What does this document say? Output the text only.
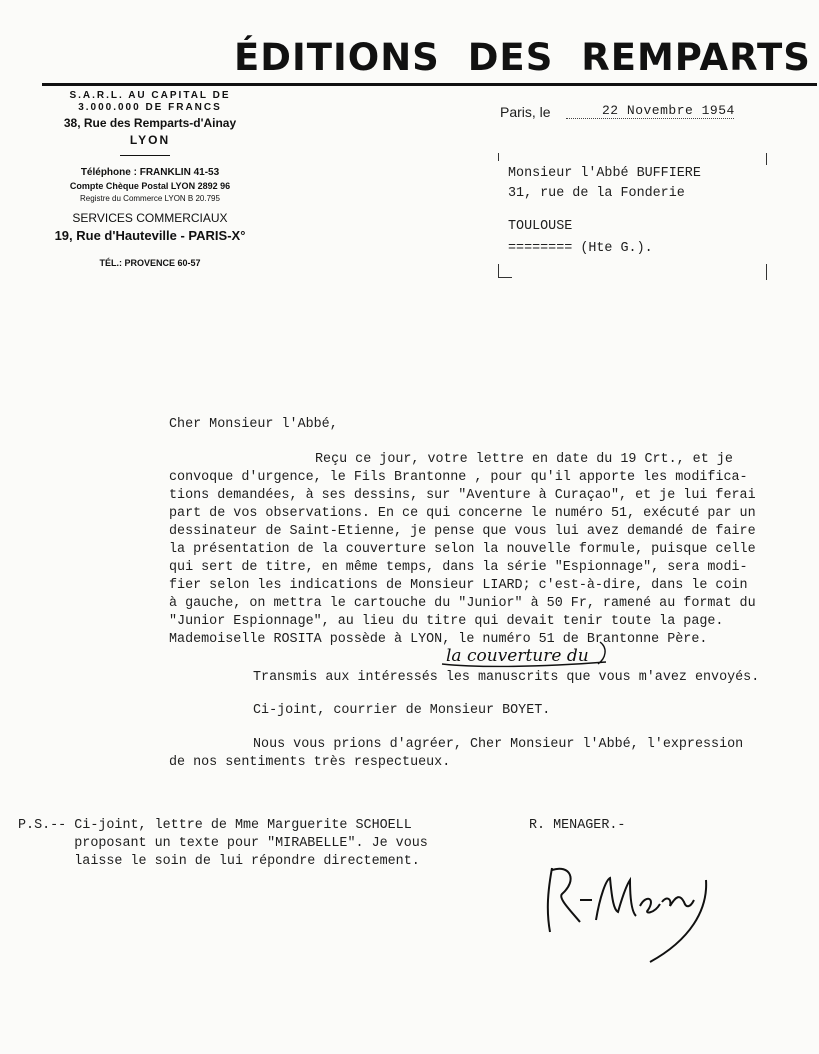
ÉDITIONS DES REMPARTS
S.A.R.L. AU CAPITAL DE
3.000.000 DE FRANCS
38, Rue des Remparts-d'Ainay
LYON
Téléphone : FRANKLIN 41-53
Compte Chèque Postal LYON 2892 96
Registre du Commerce LYON B 20.795
SERVICES COMMERCIAUX
19, Rue d'Hauteville - PARIS-X°
TÉL.: PROVENCE 60-57
Paris, le	22 Novembre 1954
Monsieur l'Abbé BUFFIERE
31, rue de la Fonderie
TOULOUSE
======== (Hte G.).
Cher Monsieur l'Abbé,
Reçu ce jour, votre lettre en date du 19 Crt., et je
convoque d'urgence, le Fils Brantonne , pour qu'il apporte les modifica-
tions demandées, à ses dessins, sur "Aventure à Curaçao", et je lui ferai
part de vos observations. En ce qui concerne le numéro 51, exécuté par un
dessinateur de Saint-Etienne, je pense que vous lui avez demandé de faire
la présentation de la couverture selon la nouvelle formule, puisque celle
qui sert de titre, en même temps, dans la série "Espionnage", sera modi-
fier selon les indications de Monsieur LIARD; c'est-à-dire, dans le coin
à gauche, on mettra le cartouche du "Junior" à 50 Fr, ramené au format du
"Junior Espionnage", au lieu du titre qui devait tenir toute la page.
Mademoiselle ROSITA possède à LYON, le numéro 51 de Brantonne Père.
la couverture du
Transmis aux intéressés les manuscrits que vous m'avez envoyés.
Ci-joint, courrier de Monsieur BOYET.
Nous vous prions d'agréer, Cher Monsieur l'Abbé, l'expression
de nos sentiments très respectueux.
P.S.-- Ci-joint, lettre de Mme Marguerite SCHOELL
proposant un texte pour "MIRABELLE". Je vous
laisse le soin de lui répondre directement.
R. MENAGER.-
